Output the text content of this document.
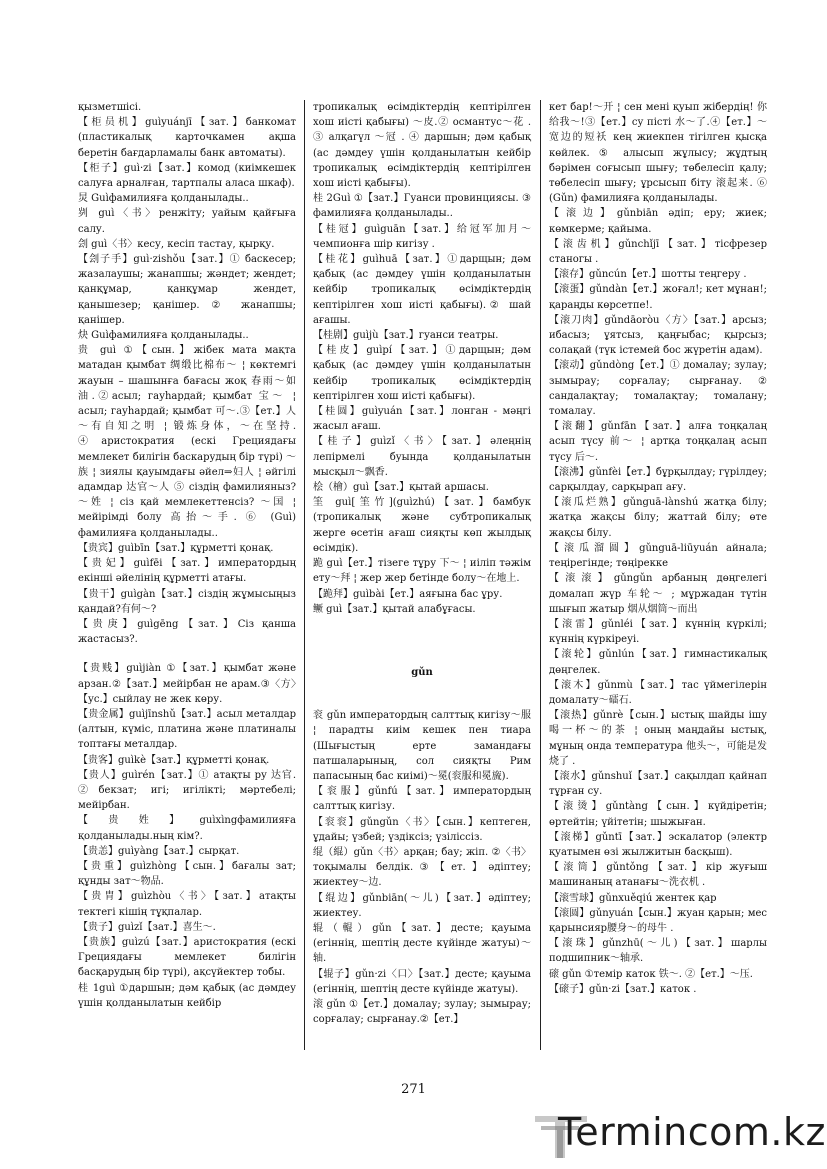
қызметшісі.

【柜员机】guìyuánjī【зат.】банкомат (пластикалық карточкамен ақша беретін бағдарламалы банк автоматы).

【柜子】guì·zi【зат.】комод (киімкешек салуға арналған, тартпалы аласа шкаф).

炅 Guìфамилияға қолданылады..

刿 guì〈书〉ренжіту; уайым қайғыға салу.

刽 guì〈书〉кесу, кесіп тастау, қырқу.

【刽子手】guì·zishǒu【зат.】① баскесер; жазалаушы; жанапшы; жәндет; жендет; қанқұмар, қанқұмар жендет, қанышезер; қанішер. ② жанапшы; қанішер.

炔 Guìфамилияға қолданылады..

贵 guì ①【сын.】жібек мата мақта матадан қымбат 绸缎比棉布～ ¦ көктемгі жауын – шашынға бағасы жоқ 春雨～如油.②асыл; гауһардай; қымбат 宝～ ¦ асыл; гауһардай; қымбат 可～.③【ет.】人～有自知之明 ¦ 锻炼身体，～在坚持. ④аристократия (ескі Грециядағы мемлекет билігін баскарудың бір түрі) ～族 ¦ зиялы қауымдағы әйел⇒妇人 ¦ әйгілі адамдар 达官～人 ⑤ сіздің фамилияныз? ～姓 ¦ сіз қай мемлекеттенсіз? ～国 ¦ мейірімді болу 高抬～手. ⑥ (Guì) фамилияға қолданылады..

【贵宾】guìbīn【зат.】құрметті қонақ.

【贵妃】guìfēi【зат.】императордың екінші әйелінің құрметті атағы.

【贵干】guìgàn【зат.】сіздің жұмысыңыз қандай?有何～?

【贵庚】guìgēng【зат.】Сіз қанша жастасыз?.

【贵贱】guìjiàn ①【зат.】қымбат және арзан.②【зат.】мейірбан не арам.③〈方〉【ус.】сыйлау не жек көру.

【贵金属】guìjīnshǔ【зат.】асыл металдар (алтын, күміс, платина және платиналы топтағы металдар.

【贵客】guìkè【зат.】құрметті қонақ.

【贵人】guìrén【зат.】① атақты ру 达官. ②бекзат; игі; игілікті; мәртебелі; мейірбан.

【贵姓】guìxìngфамилияға қолданылады.ның кім?.

【贵恙】guìyàng【зат.】сырқат.

【贵重】guìzhòng【сын.】бағалы зат; құнды зат～物品.

【贵胄】guìzhòu〈书〉【зат.】атақты тектегі кішің тұқпалар.

【贵子】guìzǐ【зат.】喜生～.

【贵族】guìzú【зат.】аристократия (ескі Грециядағы мемлекет билігін басқарудың бір түрі), ақсүйектер тобы.

桂 1guì ①даршын; дәм қабық (ас дәмдеу үшін қолданылатын кейбір

тропикалық өсімдіктердің кептірілген хош иісті қабығы) ～皮.② османтус～花 . ③ алқагүл ～冠 . ④ даршын; дәм қабық (ас дәмдеу үшін қолданылатын кейбір тропикалық өсімдіктердің кептірілген хош иісті қабығы).

桂 2Guì ①【зат.】Гуанси провинциясы. ③ фамилияға қолданылады..

【桂冠】guìguān【зат.】给冠军加月～ чемпионға шір кигізу .

【桂花】guìhuā【зат.】①дарщын; дәм қабық (ас дәмдеу үшін қолданылатын кейбір тропикалық өсімдіктердің кептірілген хош иісті қабығы).② шай ағашы.

【桂剧】guìjù【зат.】гуанси театры.

【桂皮】guìpí【зат.】①дарщын; дәм қабық (ас дәмдеу үшін қолданылатын кейбір тропикалық өсімдіктердің кептірілген хош иісті қабығы).

【桂圆】guìyuán【зат.】лонган - мәңгі жасыл ағаш.

【桂子】guìzǐ〈书〉【зат.】әлеңнің лепірмелі буында қолданылатын мысқыл～飘香.

桧（檜）guì【зат.】қытай аршасы.

筀 guì[筀竹](guìzhú)【зат.】бамбук (тропикалық және субтропикалық жерге өсетін ағаш сияқты көп жылдық өсімдік).

跪 guì【ет.】тізеге тұру 下～ ¦ иіліп тәжім ету～拜 ¦ жер жер бетінде болу～在地上.

【跪拜】guìbài【ет.】аяғына бас ұру.

鳜 guì【зат.】қытай алабұғасы.

gǔn

衮 gǔn императордың салттық кигізу～服 ¦ парадты киім кешек пен тиара (Шығыстың ерте замандағы патшаларының, сол сияқты Рим папасының бас киімі)～冕(衮服和冕旒).

【衮服】gǔnfú【зат.】императордың салттық кигізу.

【衮衮】gǔngǔn〈书〉【сын.】кептеген, ұдайы; үзбей; үздіксіз; үзіліссіз.

绲（緄）gǔn〈书〉арқан; бау; жіп. ②〈书〉тоқымалы белдік.③【ет.】әдіптеу; жиектеу～边.

【绲边】gǔnbiān(～儿)【зат.】әдіптеу; жиектеу.

辊（輥）gǔn【зат.】десте; қауыма (егіннің, шептің десте күйінде жатуы)～轴.

【辊子】gǔn·zi〈口〉【зат.】десте; қауыма (егіннің, шептің десте күйінде жатуы).

滚 gǔn ①【ет.】домалау; зулау; зымырау; сорғалау; сырғанау.②【ет.】

кет бар!～开 ¦ сен мені қуып жібердің! 你给我～!③【ет.】су пісті 水～了.④【ет.】～宽边的短袄 кең жиекпен тігілген қысқа көйлек. ⑤ алысып жұлысу; жұдтың бәрімен соғысып шығу; төбелесіп қалу; төбелесіп шығу; ұрсысып біту 滚起来. ⑥ (Gǔn) фамилияға қолданылады.

【滚边】gǔnbiān әдіп; еру; жиек; көмкерме; қайыма.

【滚齿机】gǔnchǐjī【зат.】тісфрезер станогы .

【滚存】gǔncún【ет.】шотты теңгеру .

【滚蛋】gǔndàn【ет.】жоғал!; кет мұнан!; қараңды көрсетпе!.

【滚刀肉】gǔndāoròu〈方〉【зат.】арсыз; ибасыз; ұятсыз, қаңғыбас; қырсыз; солақай (түк істемей бос жүретін адам).

【滚动】gǔndòng【ет.】① домалау; зулау; зымырау; сорғалау; сырғанау.② сандалақтау; томалақтау; томалану; томалау.

【滚翻】gǔnfān【зат.】алға тоңқалаң асып түсу 前～ ¦ артқа тоңқалаң асып түсу 后～.

【滚沸】gǔnfèi【ет.】бұрқылдау; гүрілдеу; сарқылдау, сарқырап ағу.

【滚瓜烂熟】gǔnguā-lànshú жатқа білу; жатқа жақсы білу; жаттай білу; өте жақсы білу.

【滚瓜溜圆】gǔnguā-liūyuán айнала; теңірегінде; төңірекке

【滚滚】gǔngǔn арбаның дөңгелегі домалап жүр 车轮～ ; мұржадан түтін шығып жатыр 烟从烟筒～而出

【滚雷】gǔnléi【зат.】күннің күркілі; күннің күркіреуі.

【滚轮】gǔnlún【зат.】гимнастикалық дөңгелек.

【滚木】gǔnmù【зат.】тас үймегілерін домалату～礌石.

【滚热】gǔnrè【сын.】ыстық шайды ішу 喝一杯～的茶 ¦ оның маңдайы ыстық, мұның онда температура 他头～，可能是发烧了 .

【滚水】gǔnshuǐ【зат.】сақылдап қайнап тұрған су.

【滚烫】gǔntàng【сын.】күйдіретін; өртейтін; үйітетін; шыжыған.

【滚梯】gǔntī【зат.】эскалатор (электр қуатымен өзі жылжитын басқыш).

【滚筒】gǔntǒng【зат.】кір жуғыш машинаның атанағы～洗衣机 .

【滚雪球】gǔnxuěqiú жентек қар

【滚圆】gǔnyuán【сын.】жуан қарын; мес қарынсияр腰身～的母牛 .

【滚珠】gǔnzhū(～儿)【зат.】шарлы подшипник～轴承.

磙 gǔn ①темір каток 铁～. ②【ет.】～压.

【磙子】gǔn·zi【зат.】каток .

271
Termincom.kz
